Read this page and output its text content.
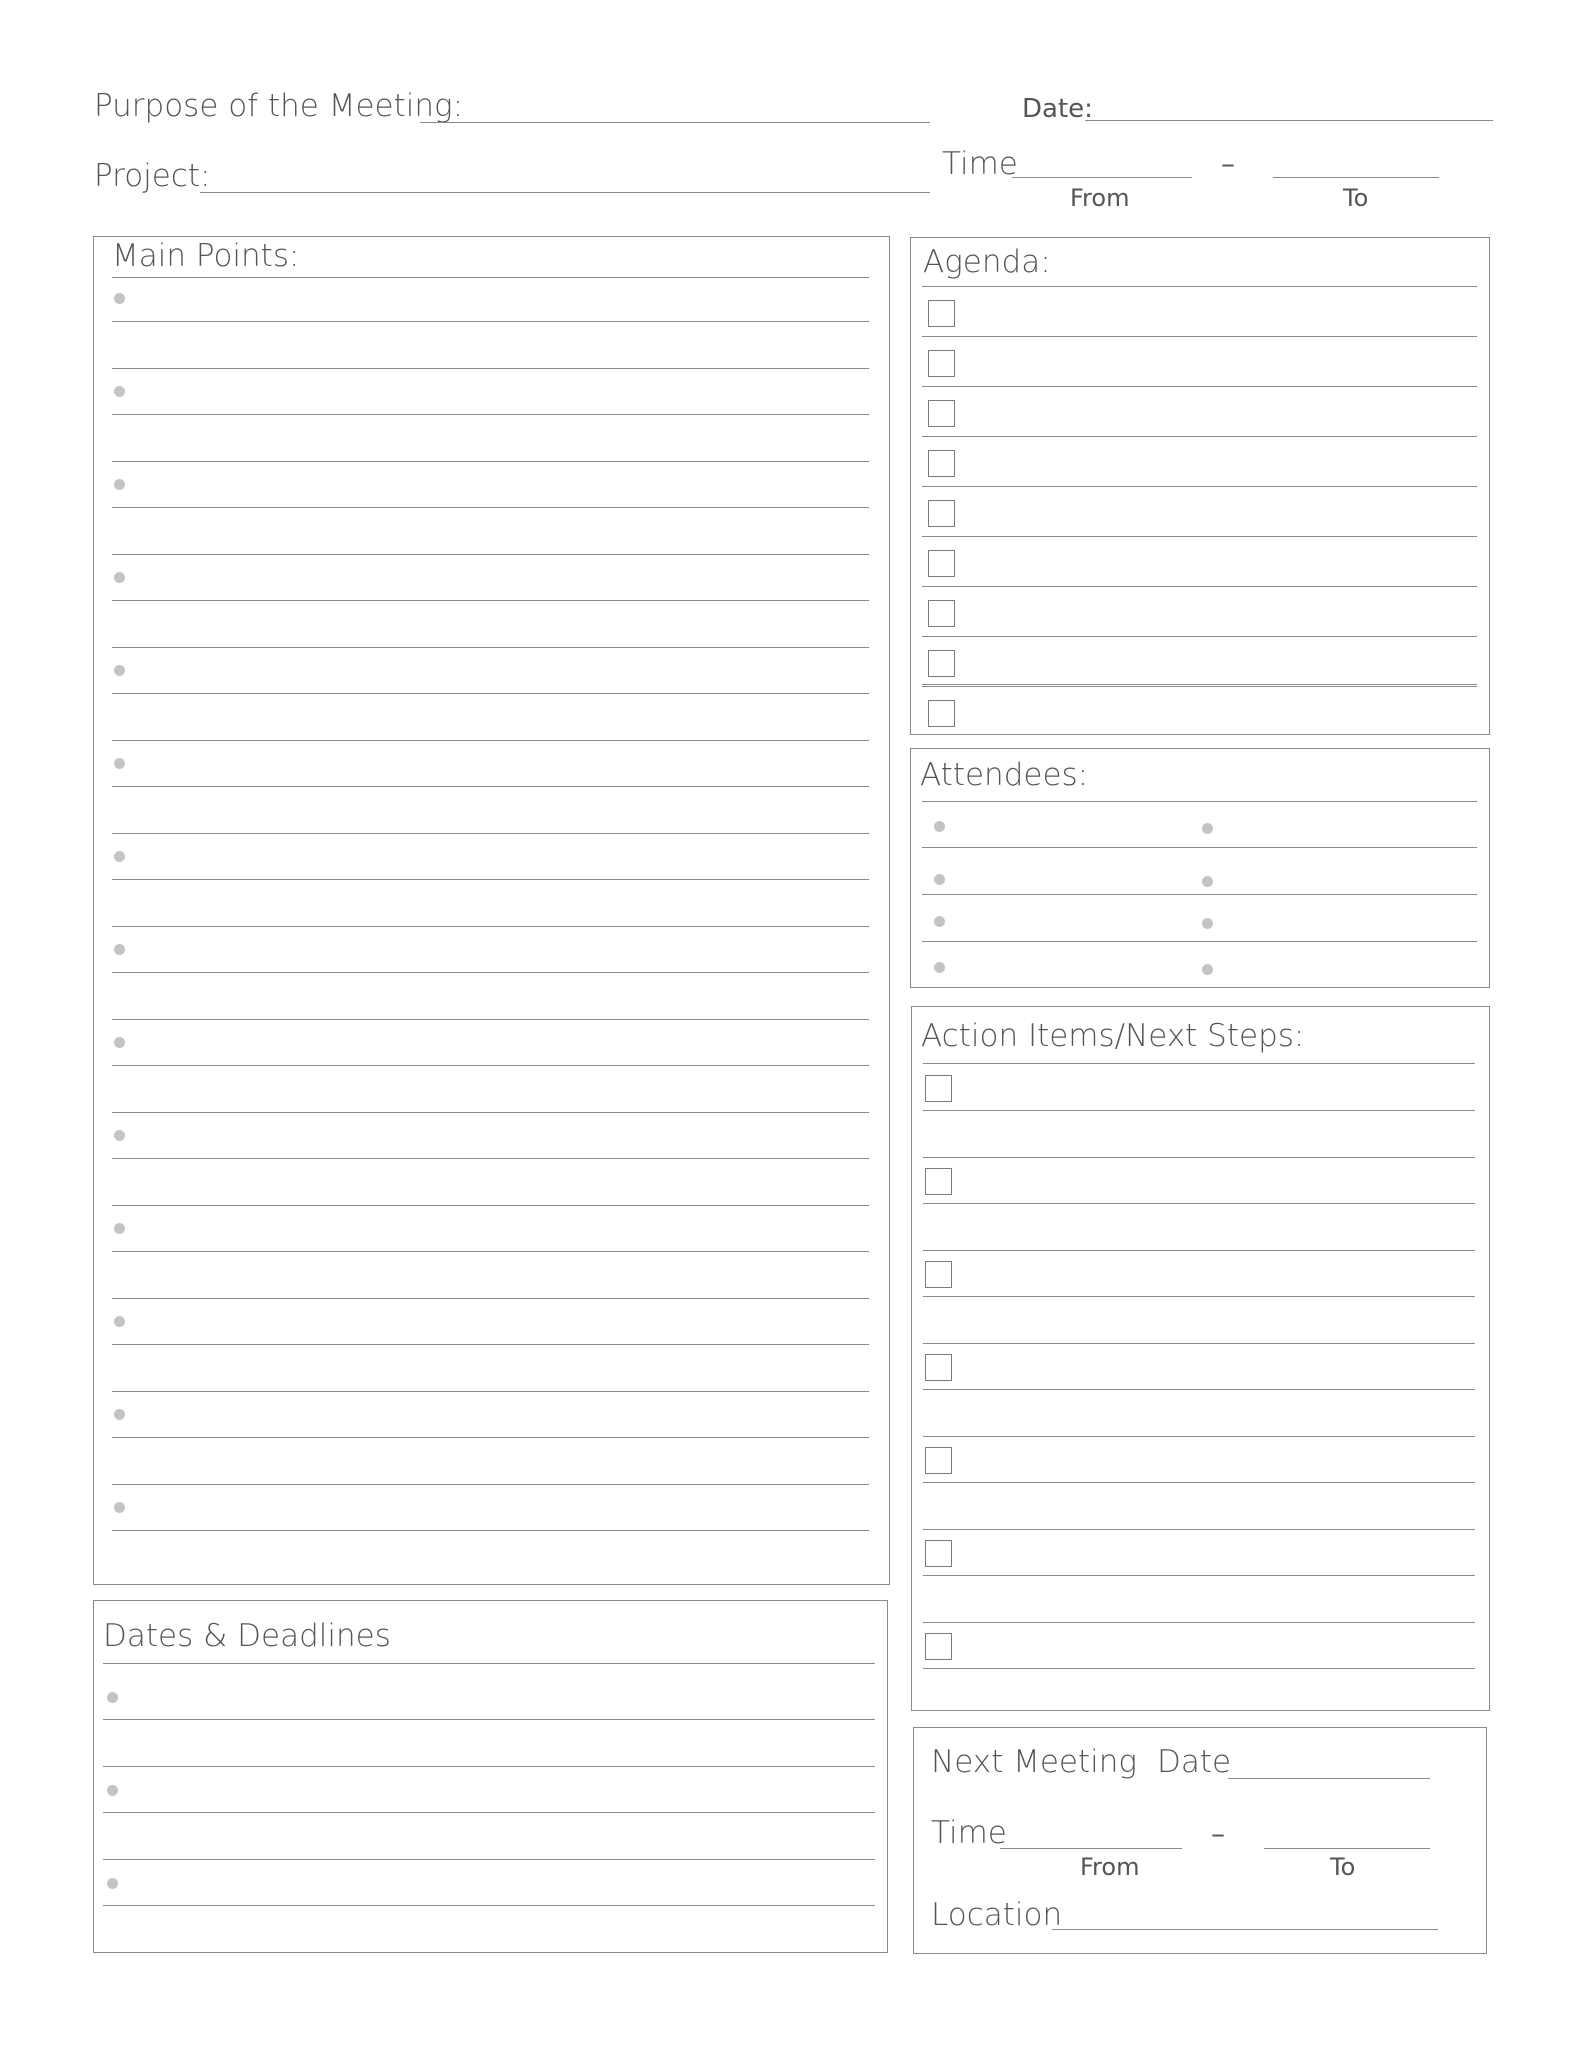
Purpose of the Meeting:	Date:
Project:	Time	–
From	To
Main Points:
Dates & Deadlines
Agenda:
Attendees:
Action Items/Next Steps:
Next Meeting Date
Time	–
From	To
Location
